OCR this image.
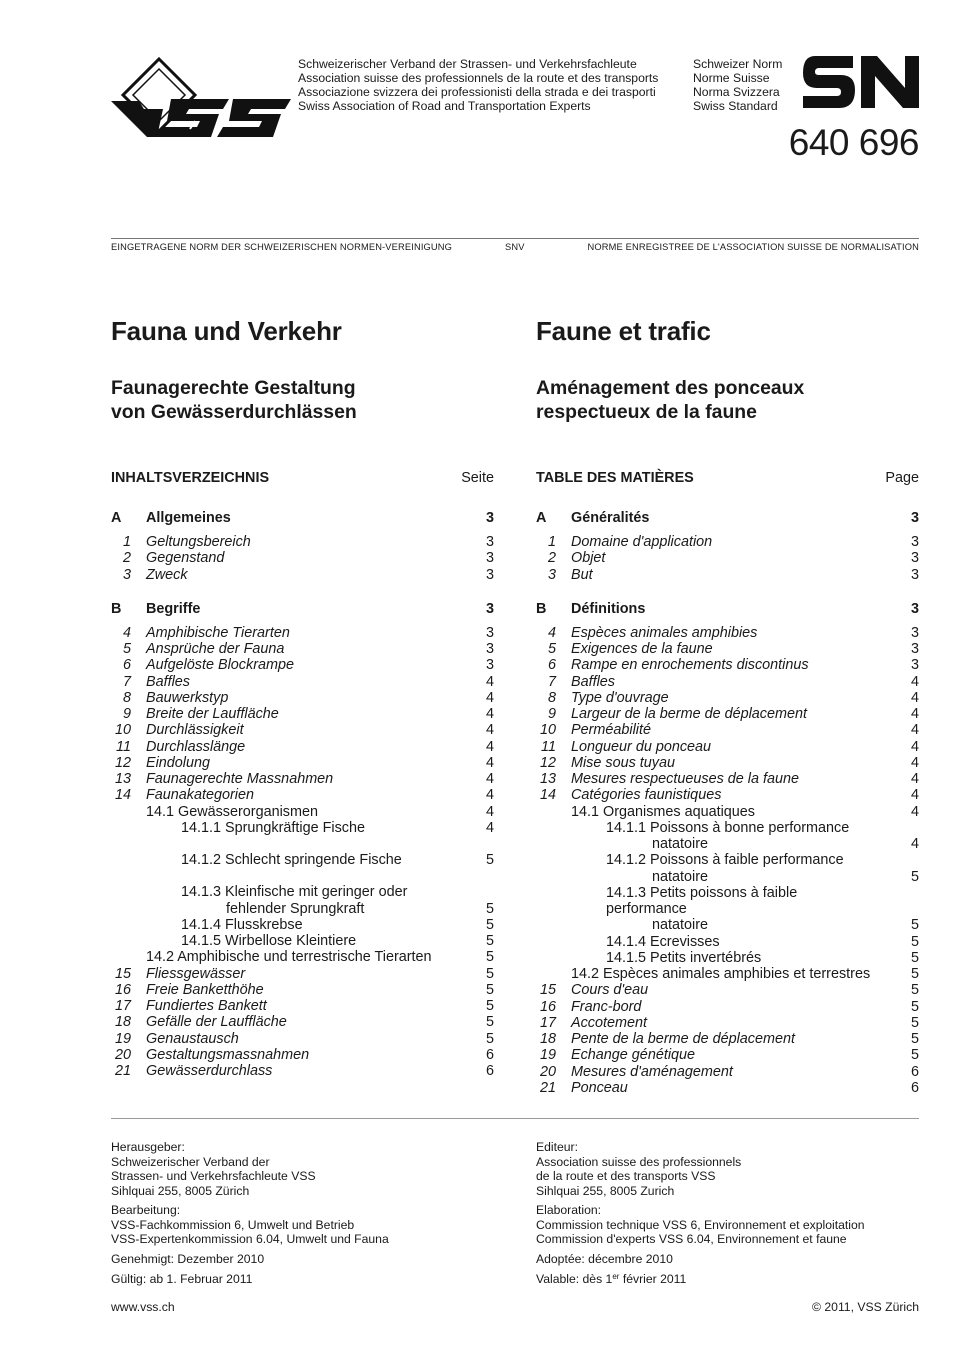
Schweizerischer Verband der Strassen- und Verkehrsfachleute
Association suisse des professionnels de la route et des transports
Associazione svizzera dei professionisti della strada e dei trasporti
Swiss Association of Road and Transportation Experts
Schweizer Norm
Norme Suisse
Norma Svizzera
Swiss Standard
640 696
EINGETRAGENE NORM DER SCHWEIZERISCHEN NORMEN-VEREINIGUNG	SNV	NORME ENREGISTREE DE L'ASSOCIATION SUISSE DE NORMALISATION
Fauna und Verkehr
Faunagerechte Gestaltung
von Gewässerdurchlässen
INHALTSVERZEICHNIS	Seite
A	Allgemeines	3
1	Geltungsbereich	3
2	Gegenstand	3
3	Zweck	3
B	Begriffe	3
4	Amphibische Tierarten	3
5	Ansprüche der Fauna	3
6	Aufgelöste Blockrampe	3
7	Baffles	4
8	Bauwerkstyp	4
9	Breite der Lauffläche	4
10	Durchlässigkeit	4
11	Durchlasslänge	4
12	Eindolung	4
13	Faunagerechte Massnahmen	4
14	Faunakategorien	4
14.1 Gewässerorganismen	4
14.1.1 Sprungkräftige Fische	4
14.1.2 Schlecht springende Fische	5
14.1.3 Kleinfische mit geringer oder
fehlender Sprungkraft	5
14.1.4 Flusskrebse	5
14.1.5 Wirbellose Kleintiere	5
14.2 Amphibische und terrestrische Tierarten	5
15	Fliessgewässer	5
16	Freie Banketthöhe	5
17	Fundiertes Bankett	5
18	Gefälle der Lauffläche	5
19	Genaustausch	5
20	Gestaltungsmassnahmen	6
21	Gewässerdurchlass	6
Faune et trafic
Aménagement des ponceaux
respectueux de la faune
TABLE DES MATIÈRES	Page
A	Généralités	3
1	Domaine d'application	3
2	Objet	3
3	But	3
B	Définitions	3
4	Espèces animales amphibies	3
5	Exigences de la faune	3
6	Rampe en enrochements discontinus	3
7	Baffles	4
8	Type d'ouvrage	4
9	Largeur de la berme de déplacement	4
10	Perméabilité	4
11	Longueur du ponceau	4
12	Mise sous tuyau	4
13	Mesures respectueuses de la faune	4
14	Catégories faunistiques	4
14.1 Organismes aquatiques	4
14.1.1 Poissons à bonne performance
natatoire	4
14.1.2 Poissons à faible performance
natatoire	5
14.1.3 Petits poissons à faible performance
natatoire	5
14.1.4 Ecrevisses	5
14.1.5 Petits invertébrés	5
14.2 Espèces animales amphibies et terrestres	5
15	Cours d'eau	5
16	Franc-bord	5
17	Accotement	5
18	Pente de la berme de déplacement	5
19	Echange génétique	5
20	Mesures d'aménagement	6
21	Ponceau	6

Herausgeber:
Schweizerischer Verband der
Strassen- und Verkehrsfachleute VSS
Sihlquai 255, 8005 Zürich

Bearbeitung:
VSS-Fachkommission 6, Umwelt und Betrieb
VSS-Expertenkommission 6.04, Umwelt und Fauna

Genehmigt: Dezember 2010

Gültig: ab 1. Februar 2011

Editeur:
Association suisse des professionnels
de la route et des transports VSS
Sihlquai 255, 8005 Zurich

Elaboration:
Commission technique VSS 6, Environnement et exploitation
Commission d'experts VSS 6.04, Environnement et faune

Adoptée: décembre 2010

Valable: dès 1er février 2011

www.vss.ch	© 2011, VSS Zürich
